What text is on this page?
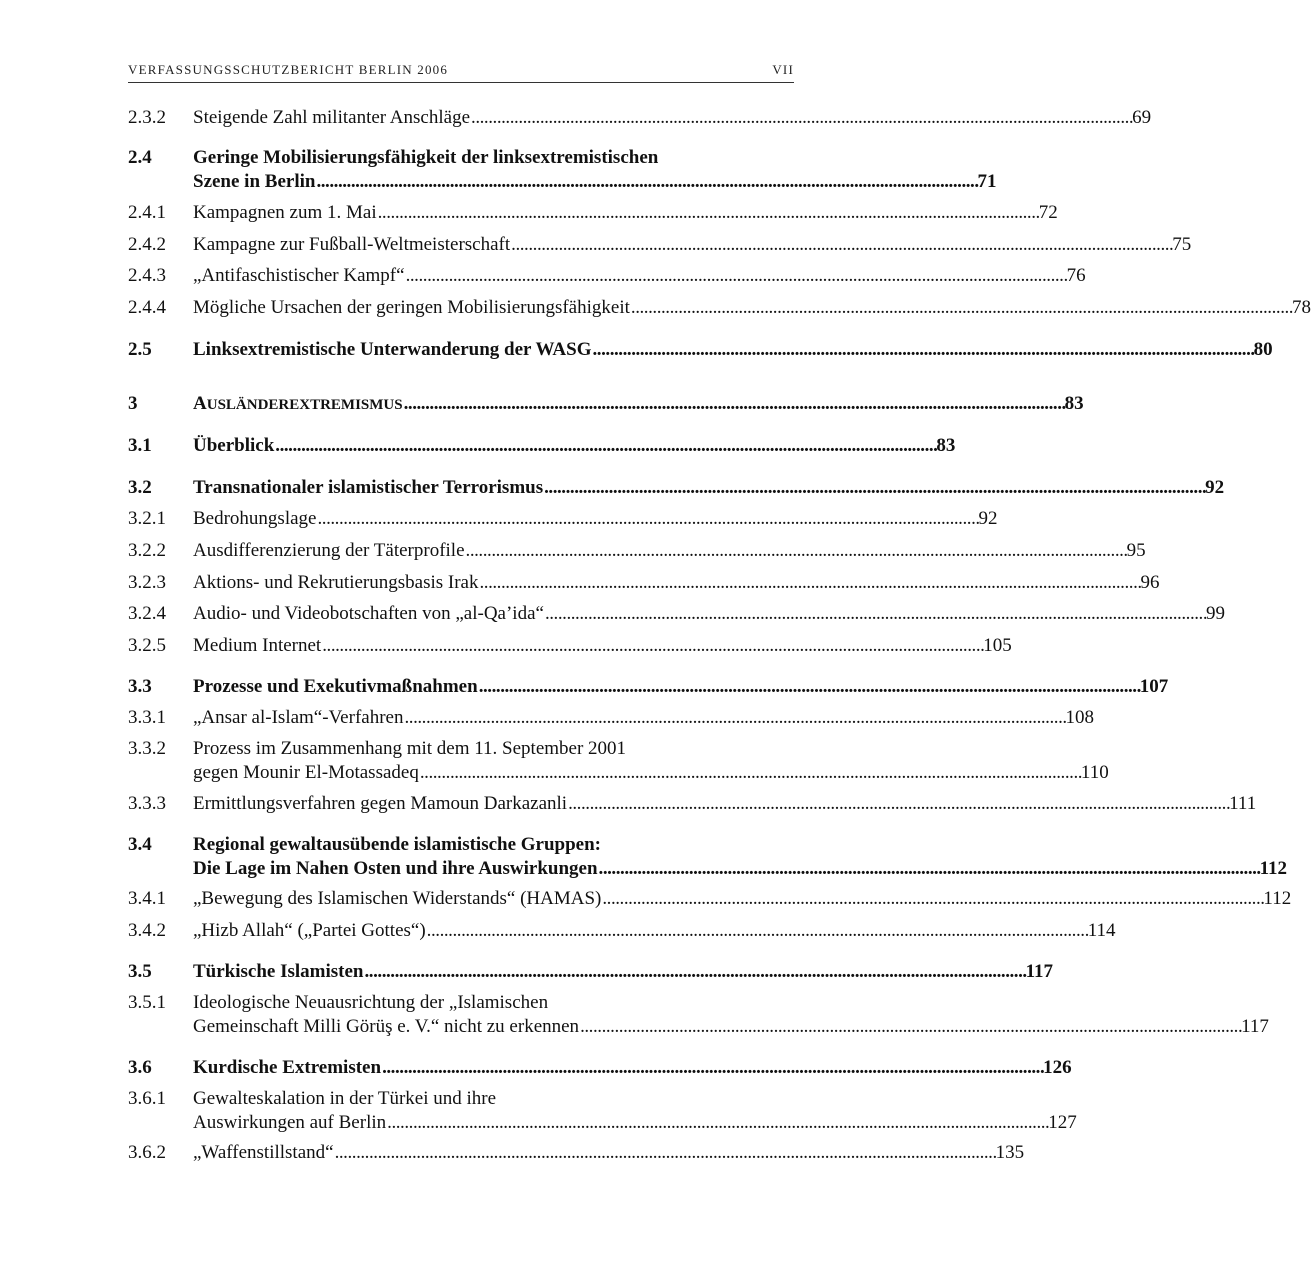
VERFASSUNGSSCHUTZBERICHT BERLIN 2006	VII
2.3.2	Steigende Zahl militanter Anschläge . . .	69
2.4	Geringe Mobilisierungsfähigkeit der linksextremistischen
Szene in Berlin . . .	71
2.4.1	Kampagnen zum 1. Mai . . .	72
2.4.2	Kampagne zur Fußball-Weltmeisterschaft . . .	75
2.4.3	„Antifaschistischer Kampf“ . . .	76
2.4.4	Mögliche Ursachen der geringen Mobilisierungsfähigkeit . . .	78
2.5	Linksextremistische Unterwanderung der WASG . . .	80
3	AUSLÄNDEREXTREMISMUS . . .	83
3.1	Überblick . . .	83
3.2	Transnationaler islamistischer Terrorismus . . .	92
3.2.1	Bedrohungslage . . .	92
3.2.2	Ausdifferenzierung der Täterprofile . . .	95
3.2.3	Aktions- und Rekrutierungsbasis Irak . . .	96
3.2.4	Audio- und Videobotschaften von „al-Qa’ida“ . . .	99
3.2.5	Medium Internet . . .	105
3.3	Prozesse und Exekutivmaßnahmen . . .	107
3.3.1	„Ansar al-Islam“-Verfahren . . .	108
3.3.2	Prozess im Zusammenhang mit dem 11. September 2001
gegen Mounir El-Motassadeq . . .	110
3.3.3	Ermittlungsverfahren gegen Mamoun Darkazanli . . .	111
3.4	Regional gewaltausübende islamistische Gruppen:
Die Lage im Nahen Osten und ihre Auswirkungen . . .	112
3.4.1	„Bewegung des Islamischen Widerstands“ (HAMAS) . . .	112
3.4.2	„Hizb Allah“ („Partei Gottes“) . . .	114
3.5	Türkische Islamisten . . .	117
3.5.1	Ideologische Neuausrichtung der „Islamischen
Gemeinschaft Milli Görüş e. V.“ nicht zu erkennen . . .	117
3.6	Kurdische Extremisten . . .	126
3.6.1	Gewalteskalation in der Türkei und ihre
Auswirkungen auf Berlin . . .	127
3.6.2	„Waffenstillstand“ . . .	135
